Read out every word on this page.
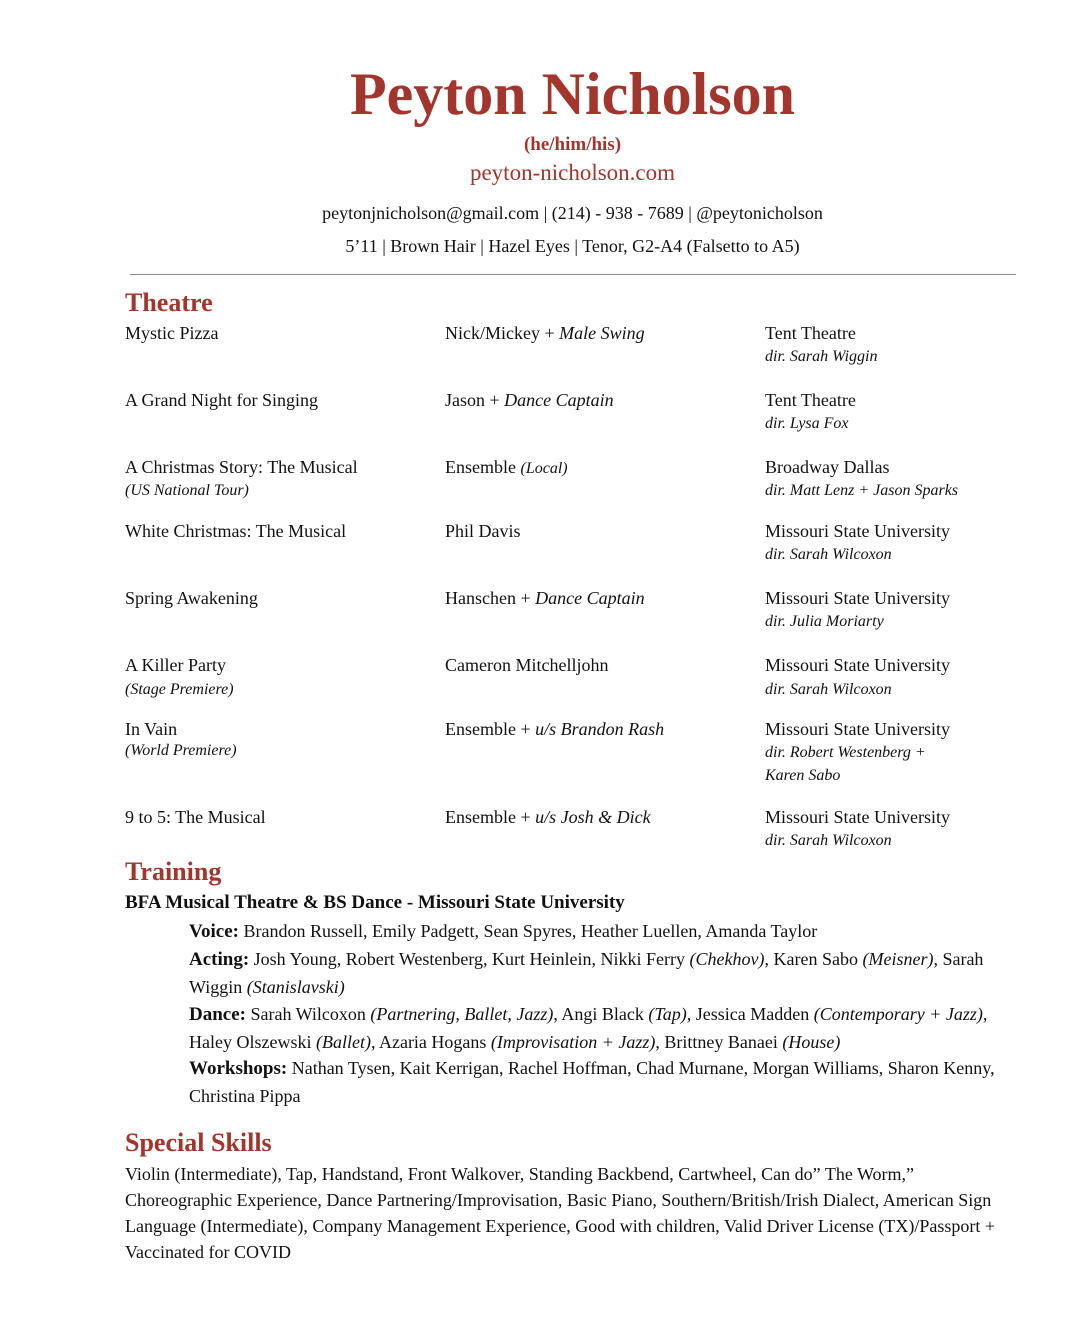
Peyton Nicholson
(he/him/his)
peyton-nicholson.com
peytonjnicholson@gmail.com | (214) - 938 - 7689 | @peytonicholson
5’11 | Brown Hair | Hazel Eyes | Tenor, G2-A4 (Falsetto to A5)
Theatre
Mystic Pizza	Nick/Mickey + Male Swing	Tent Theatre
dir. Sarah Wiggin
A Grand Night for Singing	Jason + Dance Captain	Tent Theatre
dir. Lysa Fox
A Christmas Story: The Musical
(US National Tour)
Ensemble (Local)	Broadway Dallas
dir. Matt Lenz + Jason Sparks
White Christmas: The Musical	Phil Davis	Missouri State University
dir. Sarah Wilcoxon
Spring Awakening	Hanschen + Dance Captain	Missouri State University
dir. Julia Moriarty
A Killer Party
(Stage Premiere)
Cameron Mitchelljohn	Missouri State University
dir. Sarah Wilcoxon
In Vain
(World Premiere)
Ensemble + u/s Brandon Rash	Missouri State University
dir. Robert Westenberg + Karen Sabo
9 to 5: The Musical	Ensemble + u/s Josh & Dick	Missouri State University
dir. Sarah Wilcoxon
Training
BFA Musical Theatre & BS Dance - Missouri State University
Voice: Brandon Russell, Emily Padgett, Sean Spyres, Heather Luellen, Amanda Taylor
Acting: Josh Young, Robert Westenberg, Kurt Heinlein, Nikki Ferry (Chekhov), Karen Sabo (Meisner), Sarah Wiggin (Stanislavski)
Dance: Sarah Wilcoxon (Partnering, Ballet, Jazz), Angi Black (Tap), Jessica Madden (Contemporary + Jazz), Haley Olszewski (Ballet), Azaria Hogans (Improvisation + Jazz), Brittney Banaei (House)
Workshops: Nathan Tysen, Kait Kerrigan, Rachel Hoffman, Chad Murnane, Morgan Williams, Sharon Kenny, Christina Pippa
Special Skills
Violin (Intermediate), Tap, Handstand, Front Walkover, Standing Backbend, Cartwheel, Can do” The Worm,” Choreographic Experience, Dance Partnering/Improvisation, Basic Piano, Southern/British/Irish Dialect, American Sign Language (Intermediate), Company Management Experience, Good with children, Valid Driver License (TX)/Passport + Vaccinated for COVID
